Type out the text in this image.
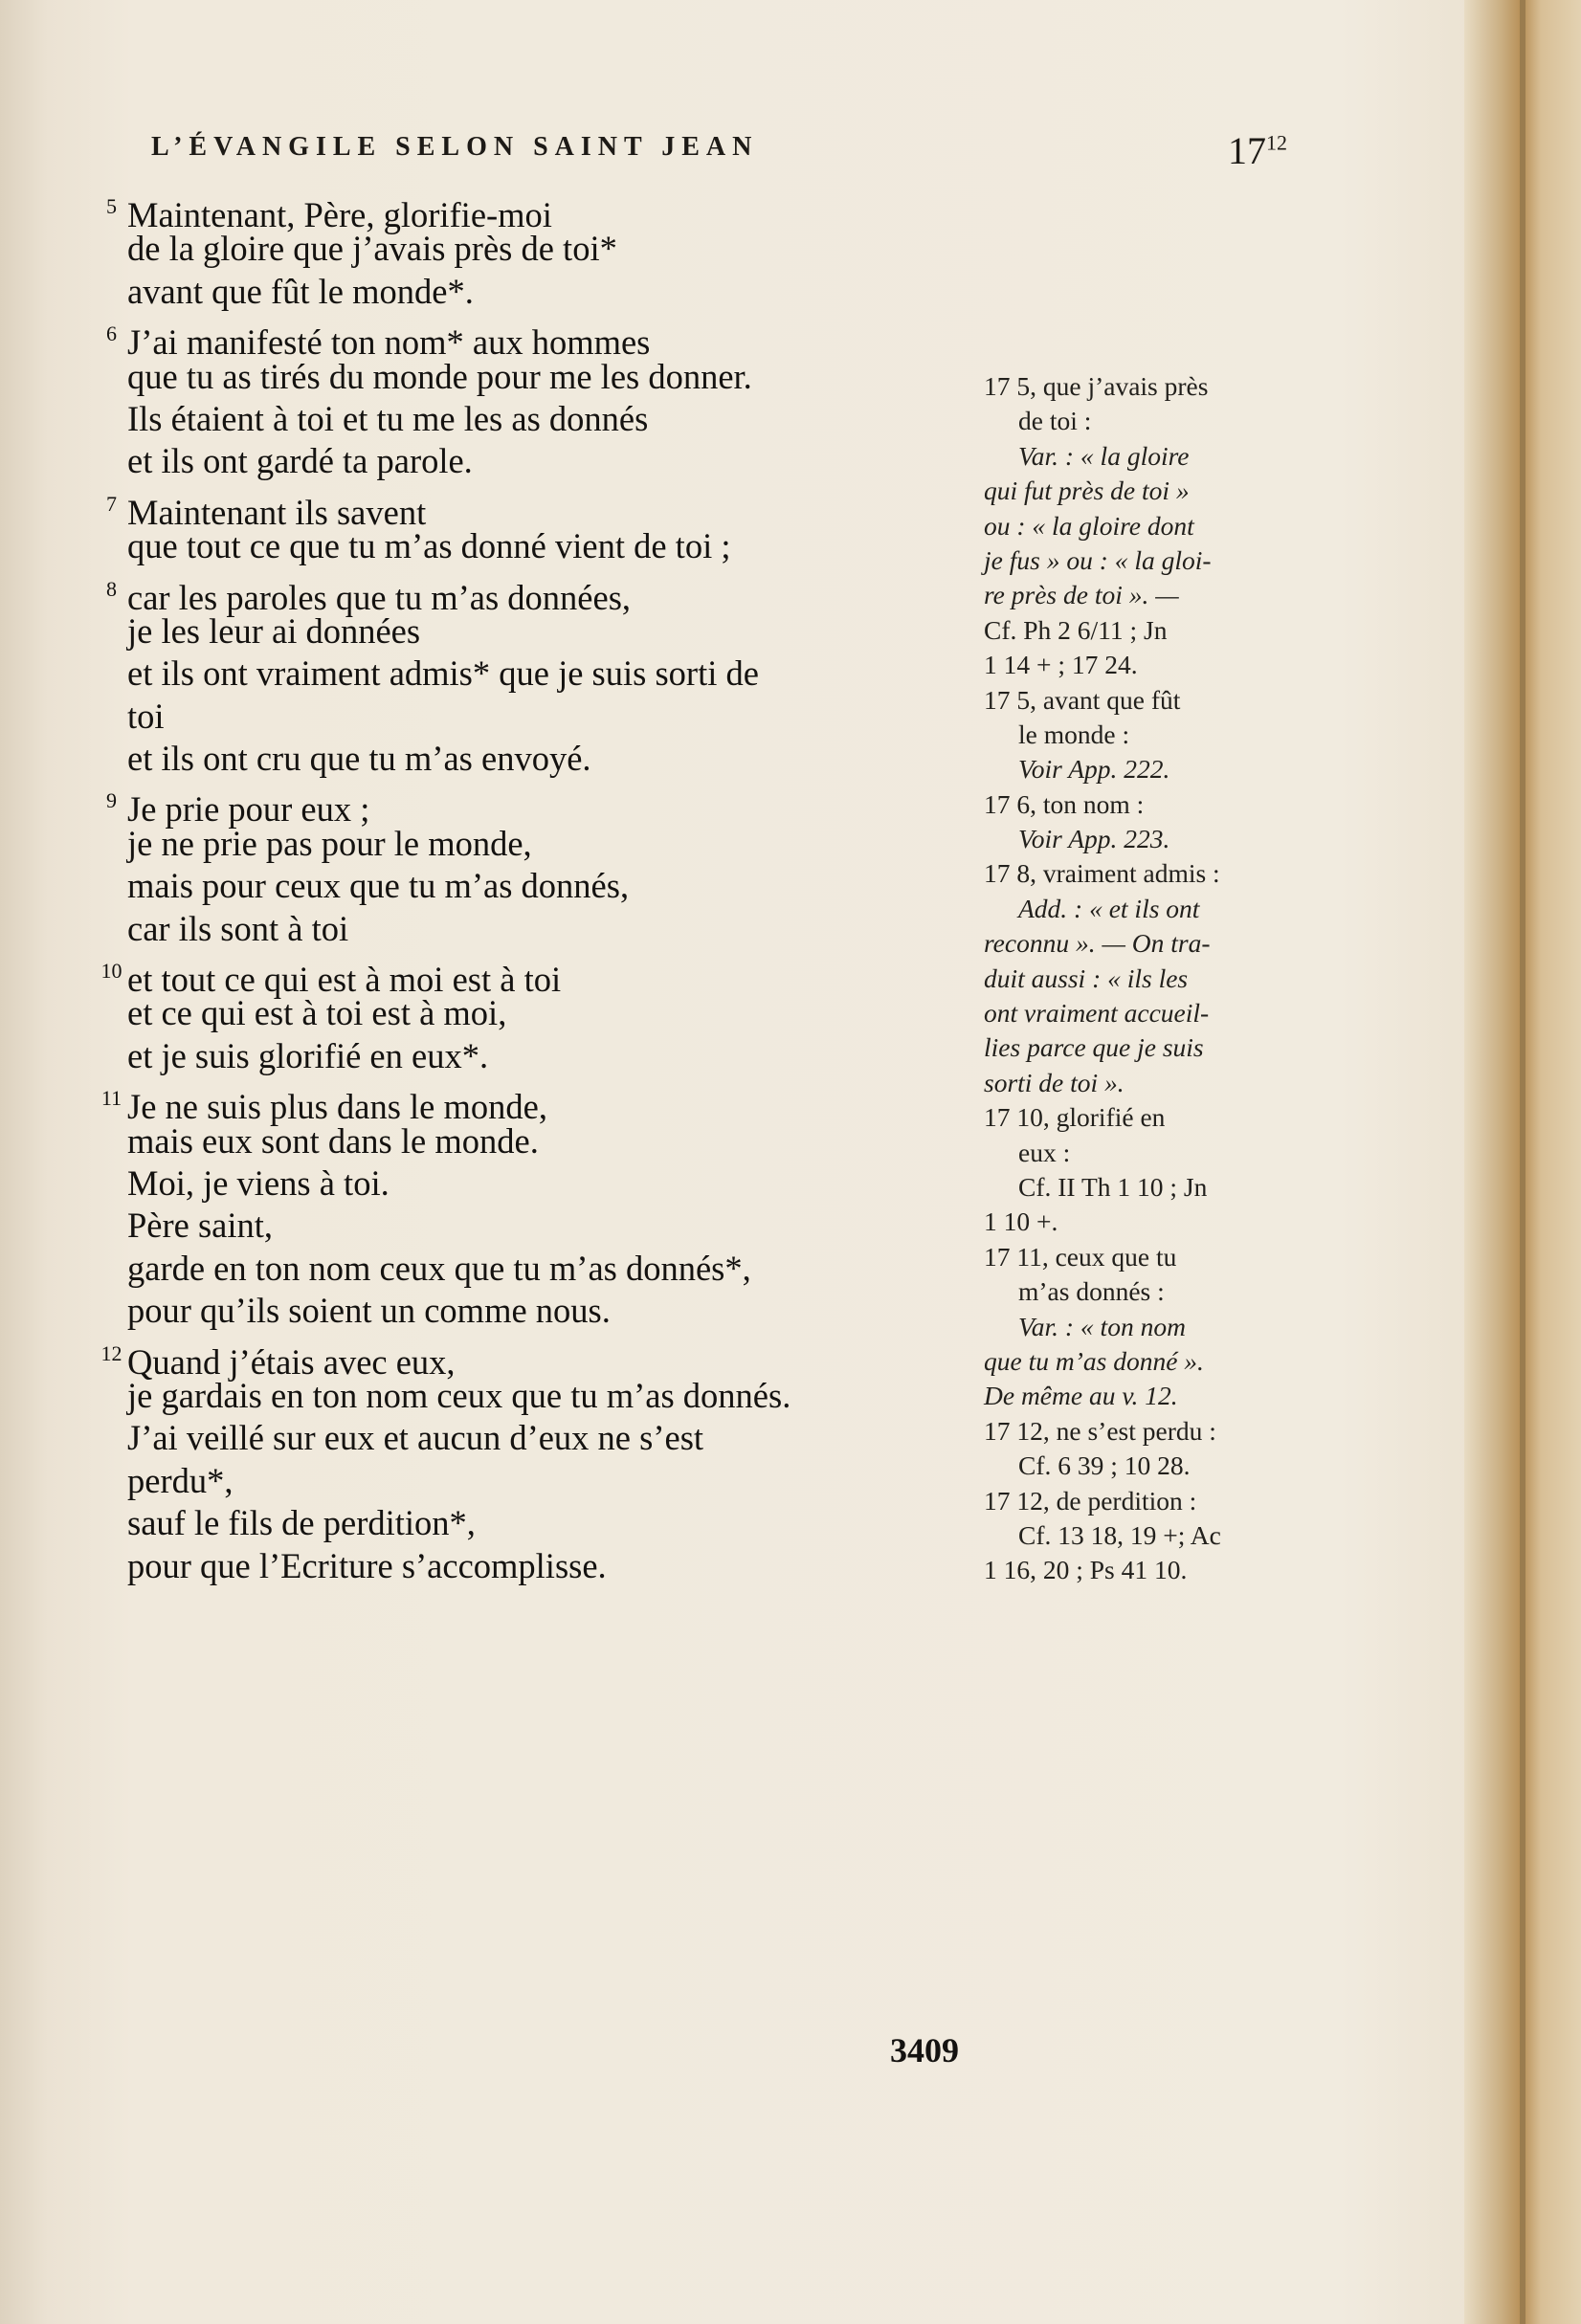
L’ÉVANGILE SELON SAINT JEAN	$17^{12}$
5 Maintenant, Père, glorifie-moi
de la gloire que j’avais près de toi*
avant que fût le monde*.
6 J’ai manifesté ton nom* aux hommes
que tu as tirés du monde pour me les donner.
Ils étaient à toi et tu me les as donnés
et ils ont gardé ta parole.
7 Maintenant ils savent
que tout ce que tu m’as donné vient de toi ;
8 car les paroles que tu m’as données,
je les leur ai données
et ils ont vraiment admis* que je suis sorti de
toi
et ils ont cru que tu m’as envoyé.
9 Je prie pour eux ;
je ne prie pas pour le monde,
mais pour ceux que tu m’as donnés,
car ils sont à toi
10 et tout ce qui est à moi est à toi
et ce qui est à toi est à moi,
et je suis glorifié en eux*.
11 Je ne suis plus dans le monde,
mais eux sont dans le monde.
Moi, je viens à toi.
Père saint,
garde en ton nom ceux que tu m’as donnés*,
pour qu’ils soient un comme nous.
12 Quand j’étais avec eux,
je gardais en ton nom ceux que tu m’as donnés.
J’ai veillé sur eux et aucun d’eux ne s’est
perdu*,
sauf le fils de perdition*,
pour que l’Ecriture s’accomplisse.
17 5, que j’avais près
de toi :
Var. : « la gloire
qui fut près de toi »
ou : « la gloire dont
je fus » ou : « la gloi-
re près de toi ». —
Cf. Ph 2 6/11 ; Jn
1 14 + ; 17 24.
17 5, avant que fût
le monde :
Voir App. 222.
17 6, ton nom :
Voir App. 223.
17 8, vraiment admis :
Add. : « et ils ont
reconnu ». — On tra-
duit aussi : « ils les
ont vraiment accueil-
lies parce que je suis
sorti de toi ».
17 10, glorifié en
eux :
Cf. II Th 1 10 ; Jn
1 10 +.
17 11, ceux que tu
m’as donnés :
Var. : « ton nom
que tu m’as donné ».
De même au v. 12.
17 12, ne s’est perdu :
Cf. 6 39 ; 10 28.
17 12, de perdition :
Cf. 13 18, 19 +; Ac
1 16, 20 ; Ps 41 10.
3409
